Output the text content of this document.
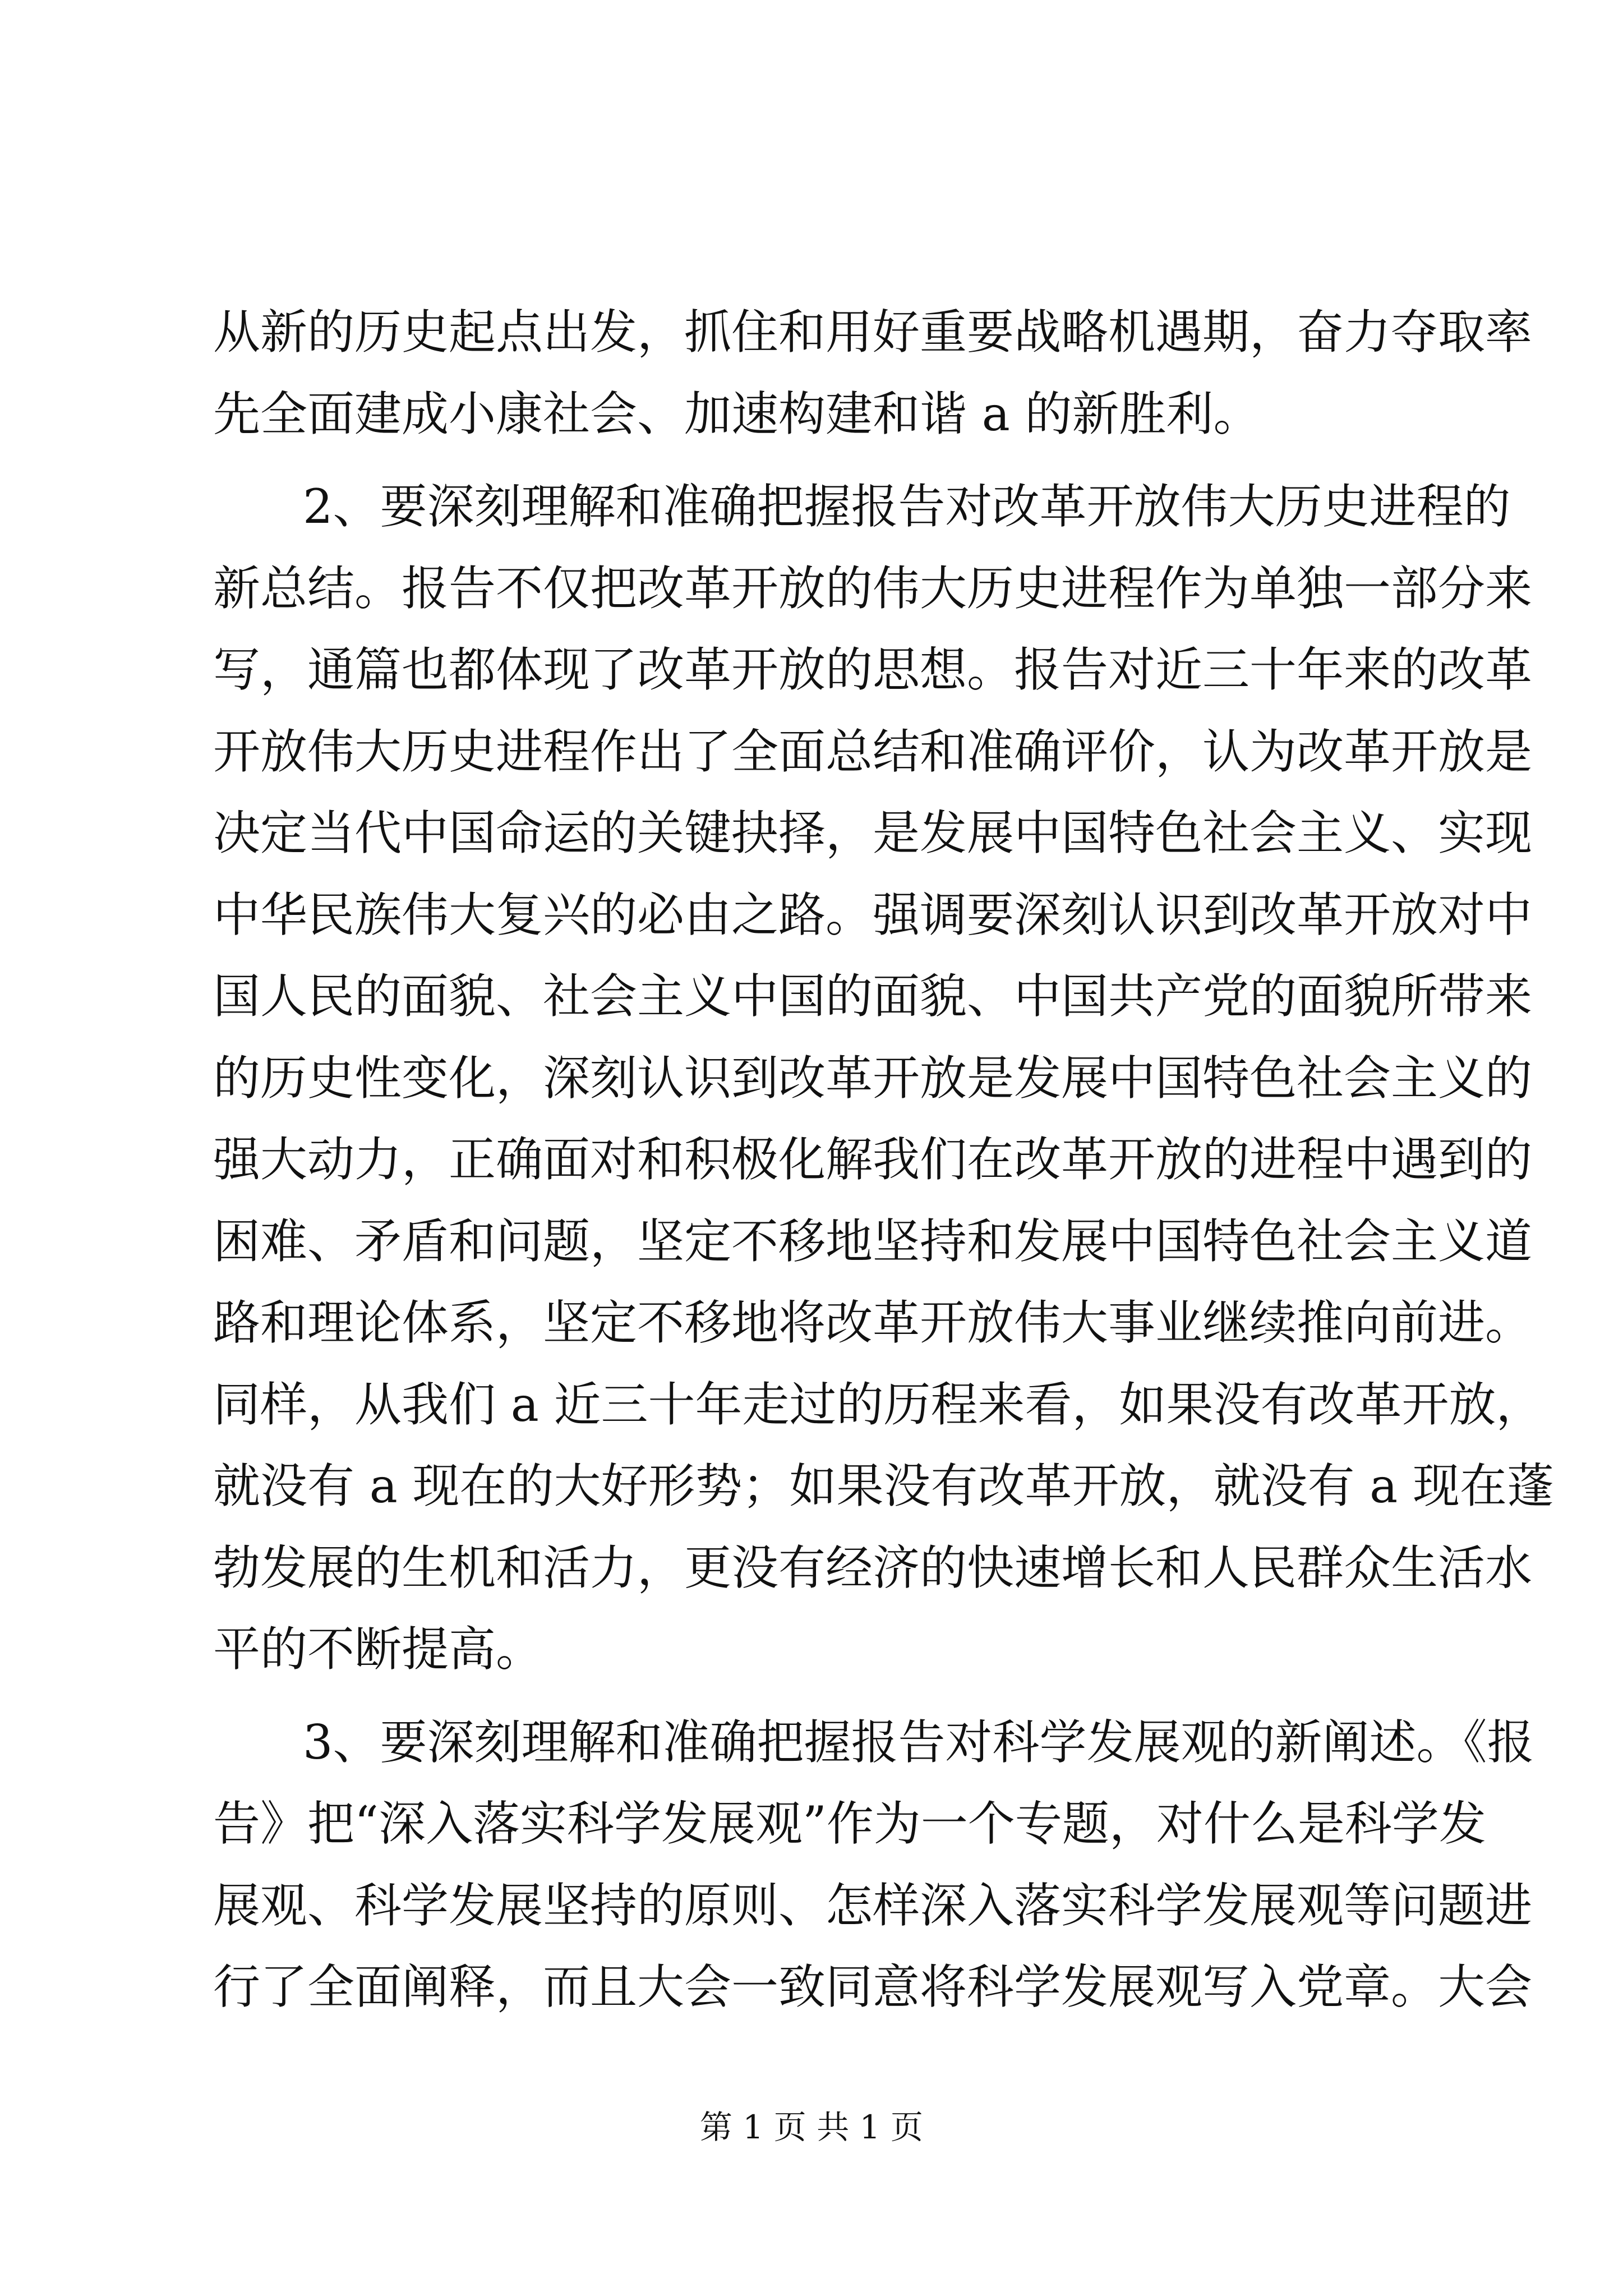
从新的历史起点出发，抓住和用好重要战略机遇期，奋力夺取率
先全面建成小康社会、加速构建和谐 a 的新胜利。
2、要深刻理解和准确把握报告对改革开放伟大历史进程的
新总结。报告不仅把改革开放的伟大历史进程作为单独一部分来
写，通篇也都体现了改革开放的思想。报告对近三十年来的改革
开放伟大历史进程作出了全面总结和准确评价，认为改革开放是
决定当代中国命运的关键抉择，是发展中国特色社会主义、实现
中华民族伟大复兴的必由之路。强调要深刻认识到改革开放对中
国人民的面貌、社会主义中国的面貌、中国共产党的面貌所带来
的历史性变化，深刻认识到改革开放是发展中国特色社会主义的
强大动力，正确面对和积极化解我们在改革开放的进程中遇到的
困难、矛盾和问题，坚定不移地坚持和发展中国特色社会主义道
路和理论体系，坚定不移地将改革开放伟大事业继续推向前进。
同样，从我们 a 近三十年走过的历程来看，如果没有改革开放，
就没有 a 现在的大好形势；如果没有改革开放，就没有 a 现在蓬
勃发展的生机和活力，更没有经济的快速增长和人民群众生活水
平的不断提高。
3、要深刻理解和准确把握报告对科学发展观的新阐述。《报
告》把“深入落实科学发展观”作为一个专题，对什么是科学发
展观、科学发展坚持的原则、怎样深入落实科学发展观等问题进
行了全面阐释，而且大会一致同意将科学发展观写入党章。大会
第 1 页 共 1 页
